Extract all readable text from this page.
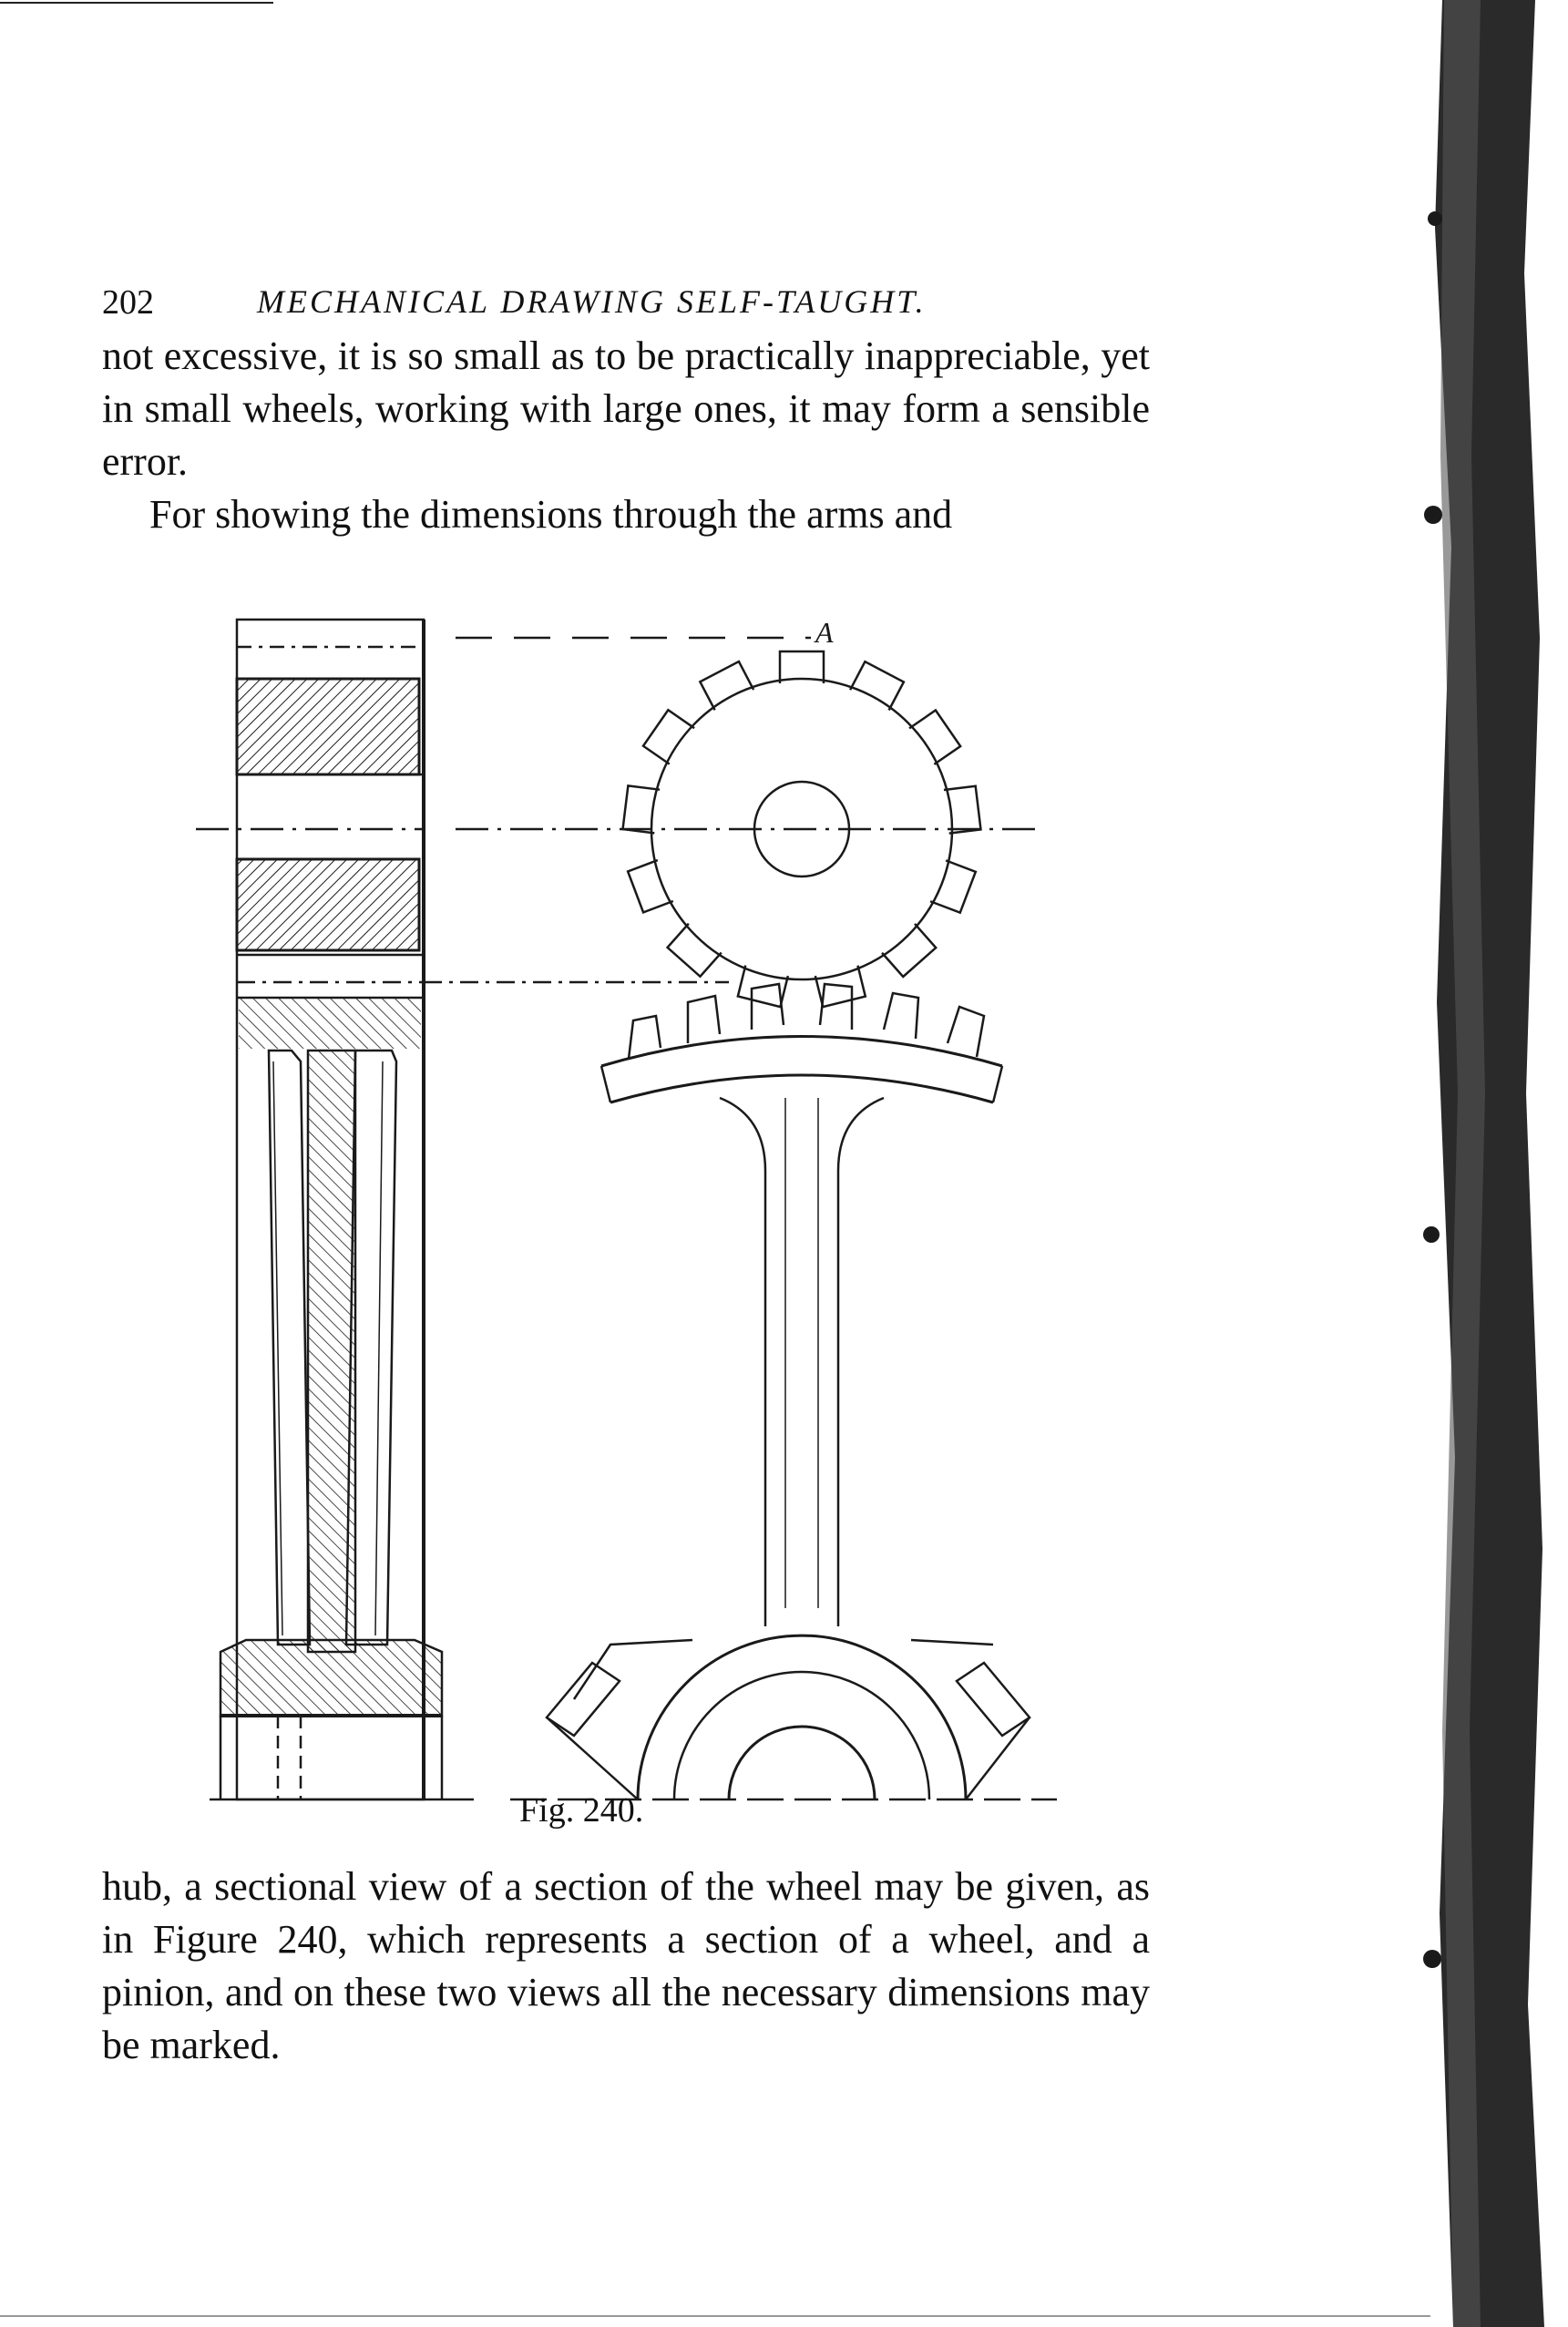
202	MECHANICAL DRAWING SELF-TAUGHT.

not excessive, it is so small as to be practically inappreciable, yet in small wheels, working with large ones, it may form a sensible error.

For showing the dimensions through the arms and

A
Fig. 240.

hub, a sectional view of a section of the wheel may be given, as in Figure 240, which represents a section of a wheel, and a pinion, and on these two views all the necessary dimensions may be marked.
